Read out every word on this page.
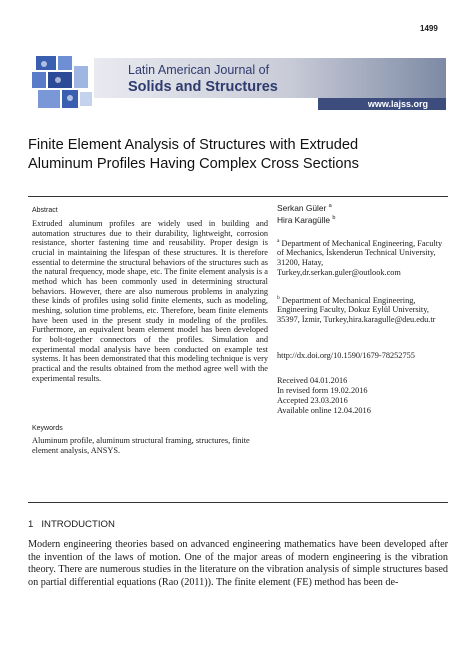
1499
Latin American Journal of
Solids and Structures
www.lajss.org
Finite Element Analysis of Structures with Extruded
Aluminum Profiles Having Complex Cross Sections
Abstract
Extruded aluminum profiles are widely used in building and automation structures due to their durability, lightweight, corrosion resistance, shorter fastening time and reusability. Proper design is crucial in maintaining the lifespan of these structures. It is therefore essential to determine the structural behaviors of the structures such as the natural frequency, mode shape, etc. The finite element analysis is a method which has been commonly used in determining structural behaviors. However, there are also numerous problems in analyzing these kinds of profiles using solid finite elements, such as modeling, meshing, solution time problems, etc. Therefore, beam finite elements have been used in the present study in modeling of the profiles. Furthermore, an equivalent beam element model has been developed for bolt-together connectors of the profiles. Simulation and experimental modal analysis have been conducted on example test systems. It has been demonstrated that this modeling technique is very practical and the results obtained from the method agree well with the experimental results.
Keywords
Aluminum profile, aluminum structural framing, structures, finite element analysis, ANSYS.
Serkan Güler $^a$
Hira Karagülle $^b$
$^a$ Department of Mechanical Engineering, Faculty of Mechanics, İskenderun Technical University, 31200, Hatay, Turkey,dr.serkan.guler@outlook.com
$^b$ Department of Mechanical Engineering, Engineering Faculty, Dokuz Eylül University, 35397, İzmir, Turkey,hira.karagulle@deu.edu.tr
http://dx.doi.org/10.1590/1679-78252755
Received 04.01.2016
In revised form 19.02.2016
Accepted 23.03.2016
Available online 12.04.2016
1 INTRODUCTION
Modern engineering theories based on advanced engineering mathematics have been developed after the invention of the laws of motion. One of the major areas of modern engineering is the vibration theory. There are numerous studies in the literature on the vibration analysis of simple structures based on partial differential equations (Rao (2011)). The finite element (FE) method has been de-
